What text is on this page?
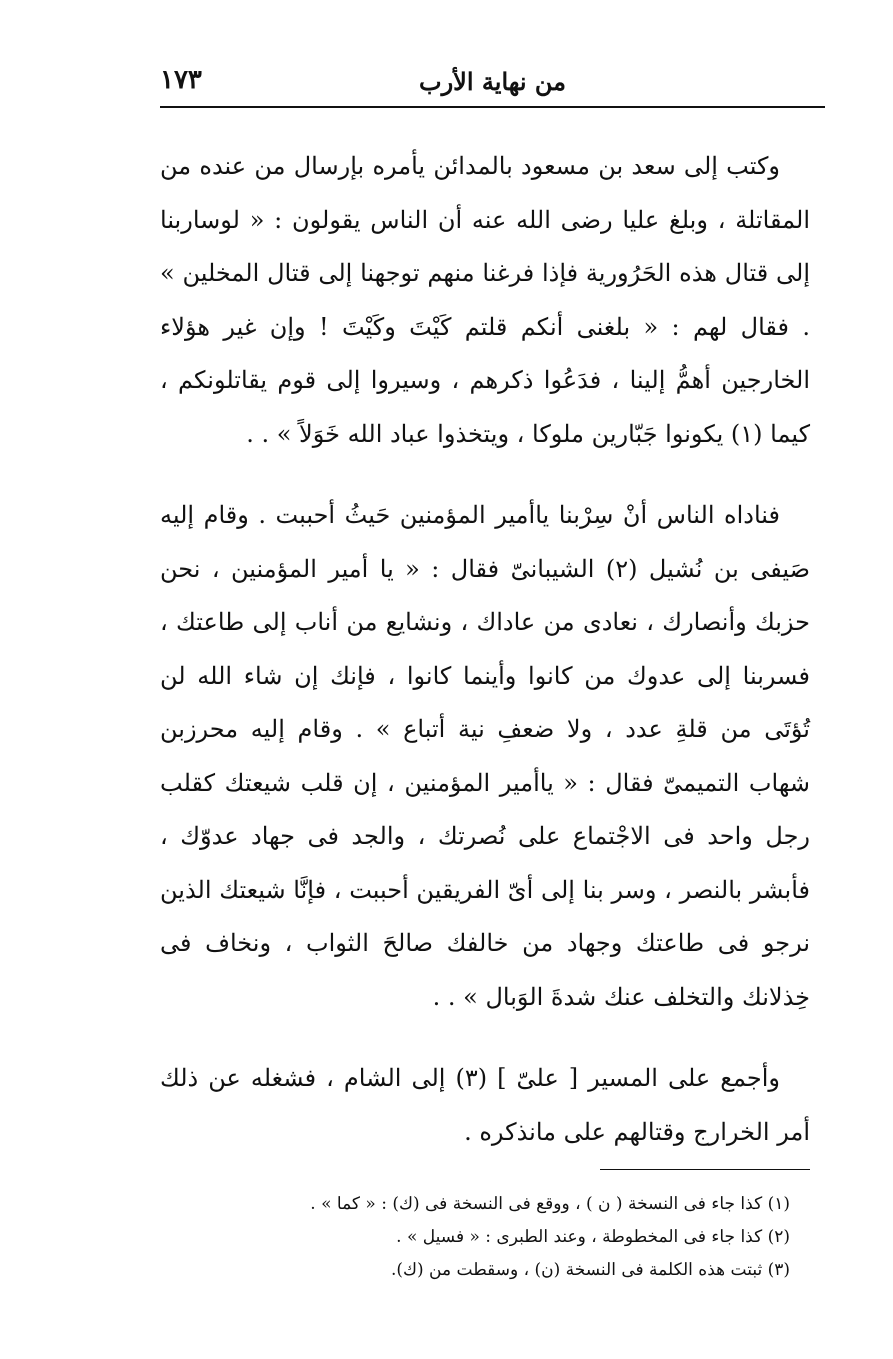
من نهاية الأرب
١٧٣

وكتب إلى سعد بن مسعود بالمدائن يأمره بإرسال من عنده من المقاتلة ، وبلغ عليا رضى الله عنه أن الناس يقولون : « لوساربنا إلى قتال هذه الحَرُورية فإذا فرغنا منهم توجهنا إلى قتال المخلين » . فقال لهم : « بلغنى أنكم قلتم كَيْتَ وكَيْتَ ! وإن غير هؤلاء الخارجين أهمُّ إلينا ، فدَعُوا ذكرهم ، وسيروا إلى قوم يقاتلونكم ، كيما (١) يكونوا جَبّارين ملوكا ، ويتخذوا عباد الله خَوَلاً » . .

فناداه الناس أنْ سِرْبنا ياأمير المؤمنين حَيثُ أحببت . وقام إليه صَيفى بن نُشيل (٢) الشيبانىّ فقال : « يا أمير المؤمنين ، نحن حزبك وأنصارك ، نعادى من عاداك ، ونشايع من أناب إلى طاعتك ، فسربنا إلى عدوك من كانوا وأينما كانوا ، فإنك إن شاء الله لن تُؤتَى من قلةِ عدد ، ولا ضعفِ نية أتباع » . وقام إليه محرزبن شهاب التميمىّ فقال : « ياأمير المؤمنين ، إن قلب شيعتك كقلب رجل واحد فى الاجْتماع على نُصرتك ، والجد فى جهاد عدوّك ، فأبشر بالنصر ، وسر بنا إلى أىّ الفريقين أحببت ، فإنَّا شيعتك الذين نرجو فى طاعتك وجهاد من خالفك صالحَ الثواب ، ونخاف فى خِذلانك والتخلف عنك شدةَ الوَبال » . .

وأجمع على المسير [ علىّ ] (٣) إلى الشام ، فشغله عن ذلك أمر الخرارج وقتالهم على مانذكره .

(١) كذا جاء فى النسخة ( ن ) ، ووقع فى النسخة فى (ك) : « كما » .

(٢) كذا جاء فى المخطوطة ، وعند الطبرى : « فسيل » .

(٣) ثبتت هذه الكلمة فى النسخة (ن) ، وسقطت من (ك).
